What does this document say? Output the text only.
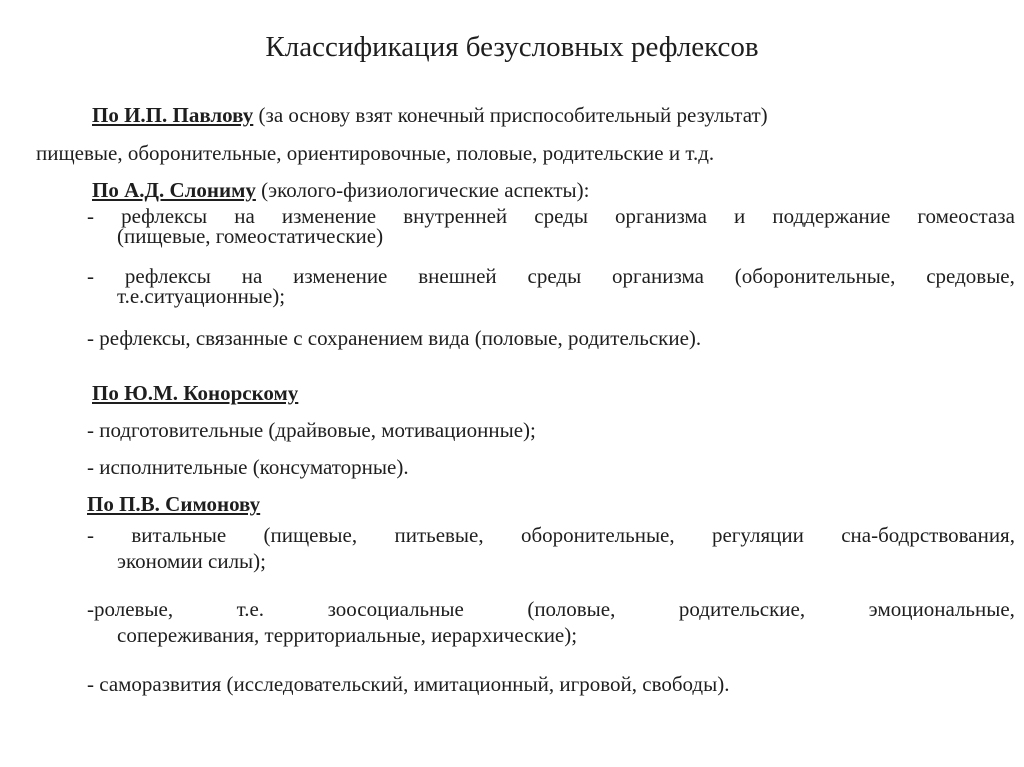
Классификация безусловных рефлексов
По И.П. Павлову (за основу взят конечный приспособительный результат)
пищевые, оборонительные, ориентировочные, половые, родительские и т.д.
По А.Д. Слониму (эколого-физиологические аспекты):
- рефлексы на изменение внутренней среды организма и поддержание гомеостаза
(пищевые, гомеостатические)
- рефлексы на изменение внешней среды организма (оборонительные, средовые,
т.е.ситуационные);
- рефлексы, связанные с сохранением вида (половые, родительские).
По Ю.М. Конорскому
- подготовительные (драйвовые, мотивационные);
- исполнительные (консуматорные).
По П.В. Симонову
- витальные (пищевые, питьевые, оборонительные, регуляции сна-бодрствования,
экономии силы);
-ролевые,	т.е.	зоосоциальные	(половые,	родительские,	эмоциональные,
сопереживания, территориальные, иерархические);
- саморазвития (исследовательский, имитационный, игровой, свободы).
